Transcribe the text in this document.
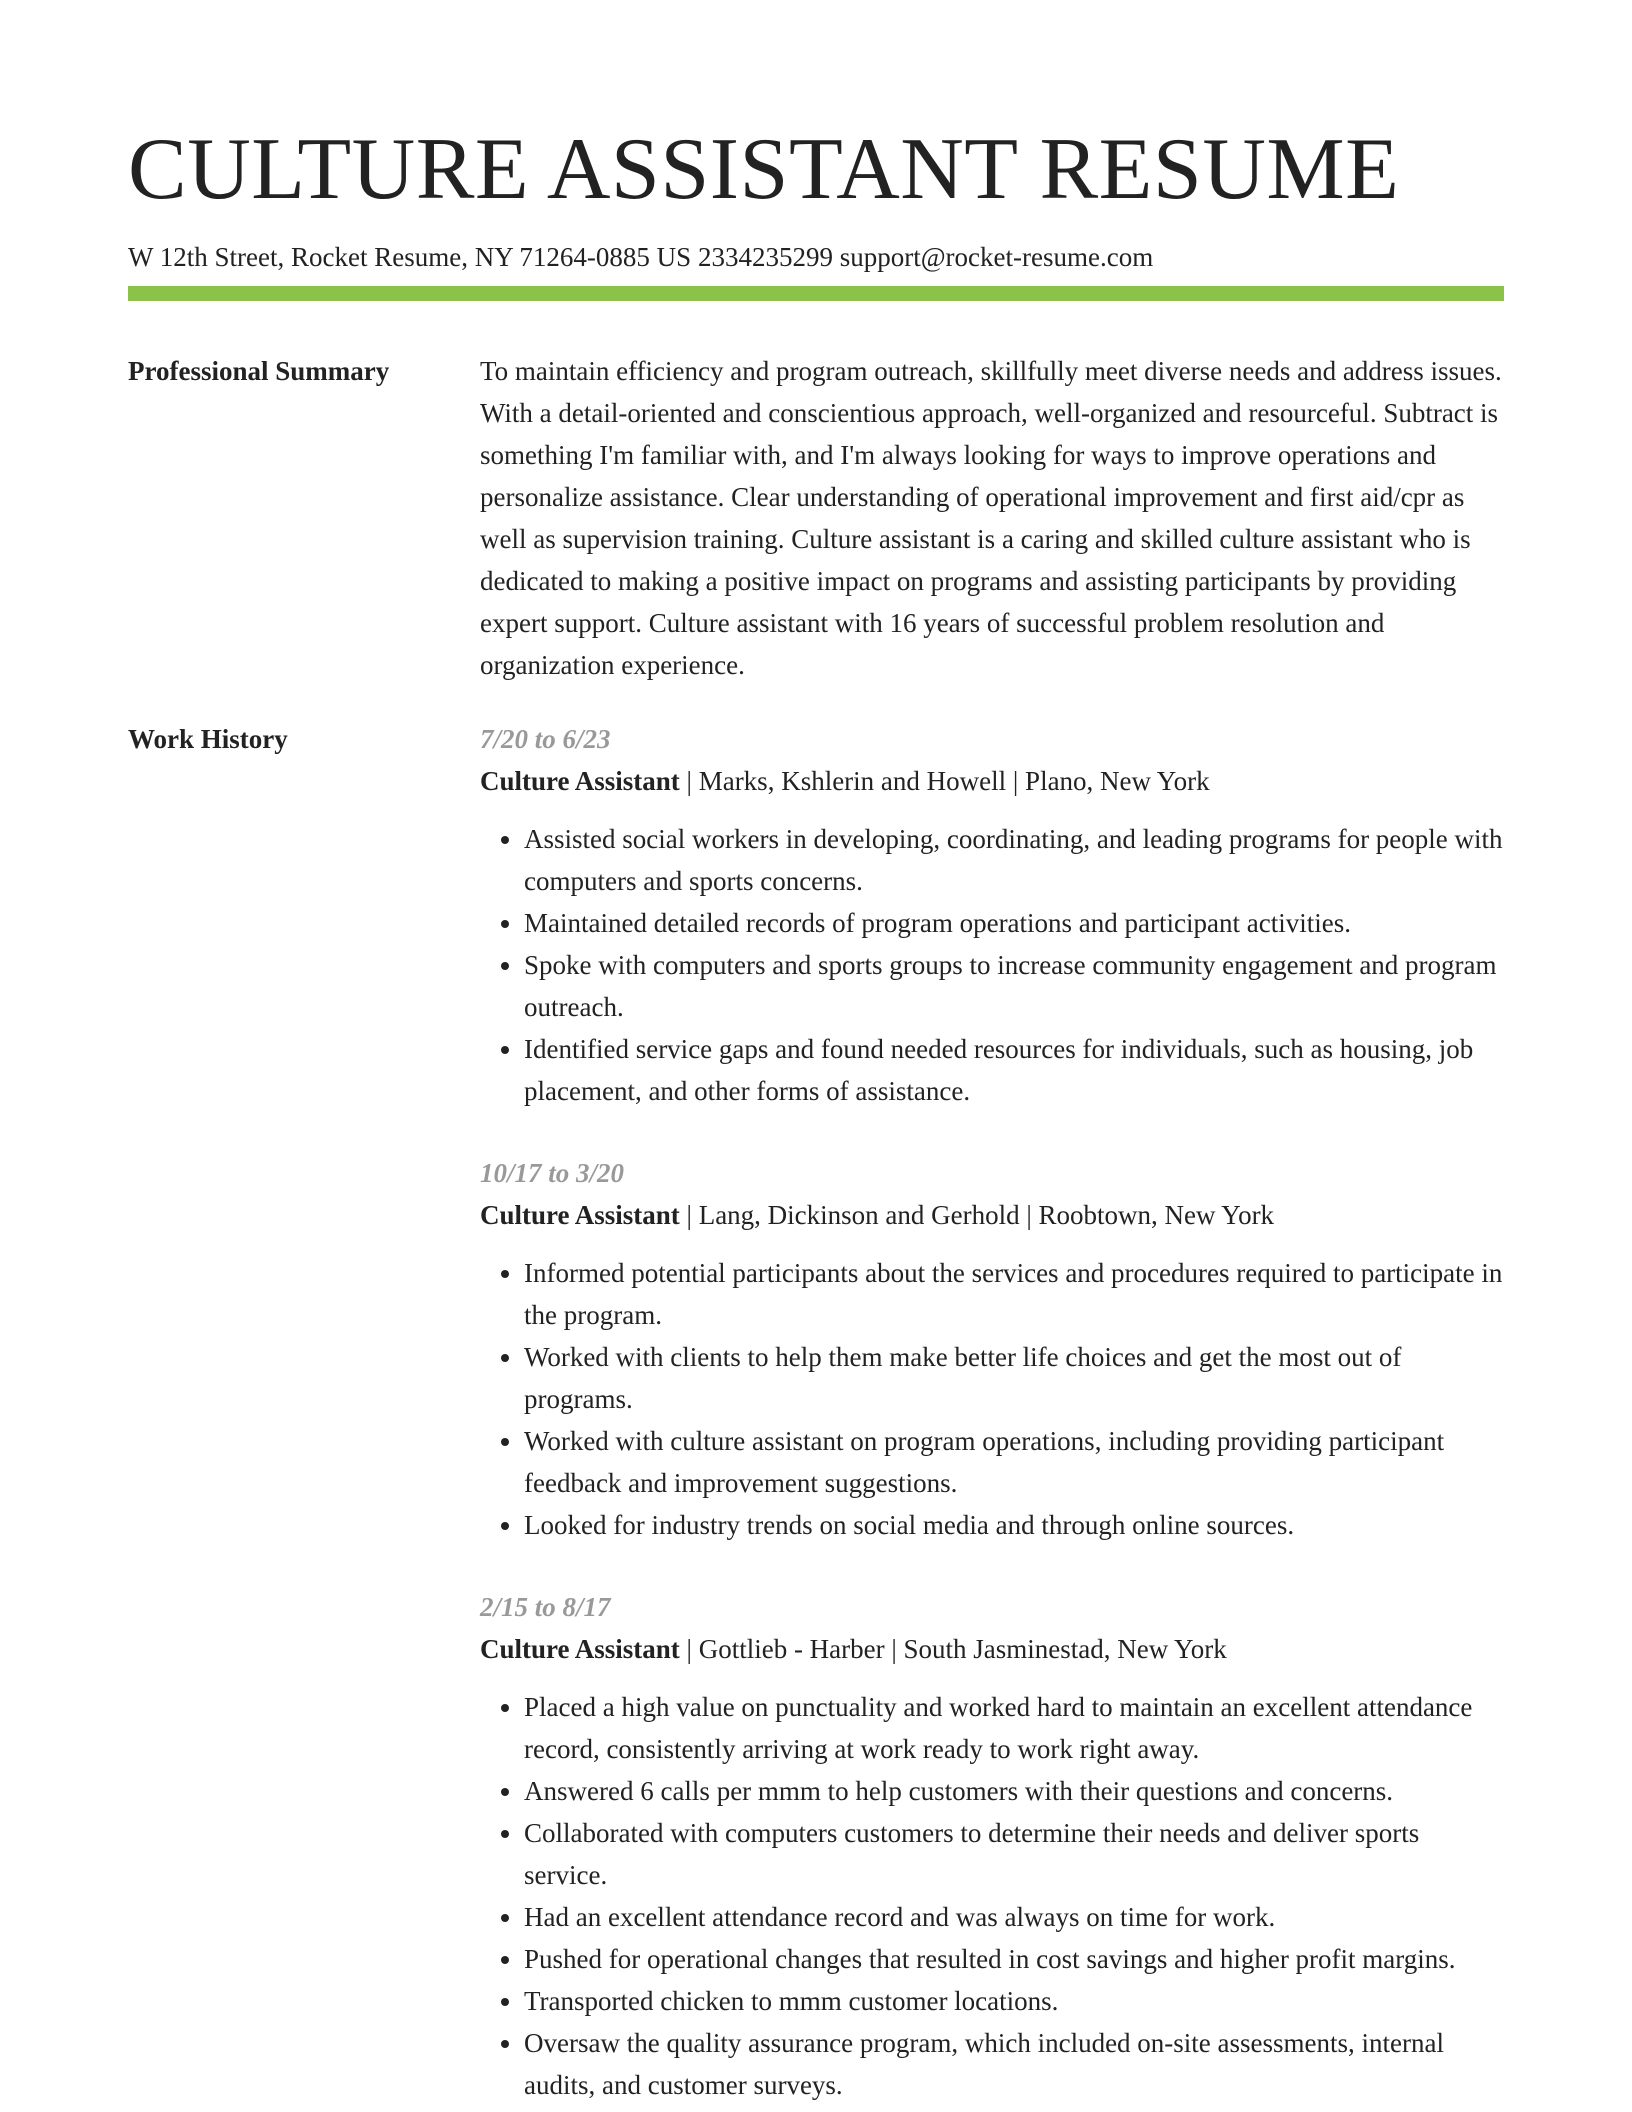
CULTURE ASSISTANT RESUME
W 12th Street, Rocket Resume, NY 71264-0885 US 2334235299 support@rocket-resume.com
Professional Summary	To maintain efficiency and program outreach, skillfully meet diverse needs and address issues. With a detail-oriented and conscientious approach, well-organized and resourceful. Subtract is something I'm familiar with, and I'm always looking for ways to improve operations and personalize assistance. Clear understanding of operational improvement and first aid/cpr as well as supervision training. Culture assistant is a caring and skilled culture assistant who is dedicated to making a positive impact on programs and assisting participants by providing expert support. Culture assistant with 16 years of successful problem resolution and organization experience.

Work History	7/20 to 6/23
Culture Assistant | Marks, Kshlerin and Howell | Plano, New York
• Assisted social workers in developing, coordinating, and leading programs for people with computers and sports concerns.
• Maintained detailed records of program operations and participant activities.
• Spoke with computers and sports groups to increase community engagement and program outreach.
• Identified service gaps and found needed resources for individuals, such as housing, job placement, and other forms of assistance.
10/17 to 3/20
Culture Assistant | Lang, Dickinson and Gerhold | Roobtown, New York
• Informed potential participants about the services and procedures required to participate in the program.
• Worked with clients to help them make better life choices and get the most out of programs.
• Worked with culture assistant on program operations, including providing participant feedback and improvement suggestions.
• Looked for industry trends on social media and through online sources.
2/15 to 8/17
Culture Assistant | Gottlieb - Harber | South Jasminestad, New York
• Placed a high value on punctuality and worked hard to maintain an excellent attendance record, consistently arriving at work ready to work right away.
• Answered 6 calls per mmm to help customers with their questions and concerns.
• Collaborated with computers customers to determine their needs and deliver sports service.
• Had an excellent attendance record and was always on time for work.
• Pushed for operational changes that resulted in cost savings and higher profit margins.
• Transported chicken to mmm customer locations.
• Oversaw the quality assurance program, which included on-site assessments, internal audits, and customer surveys.
